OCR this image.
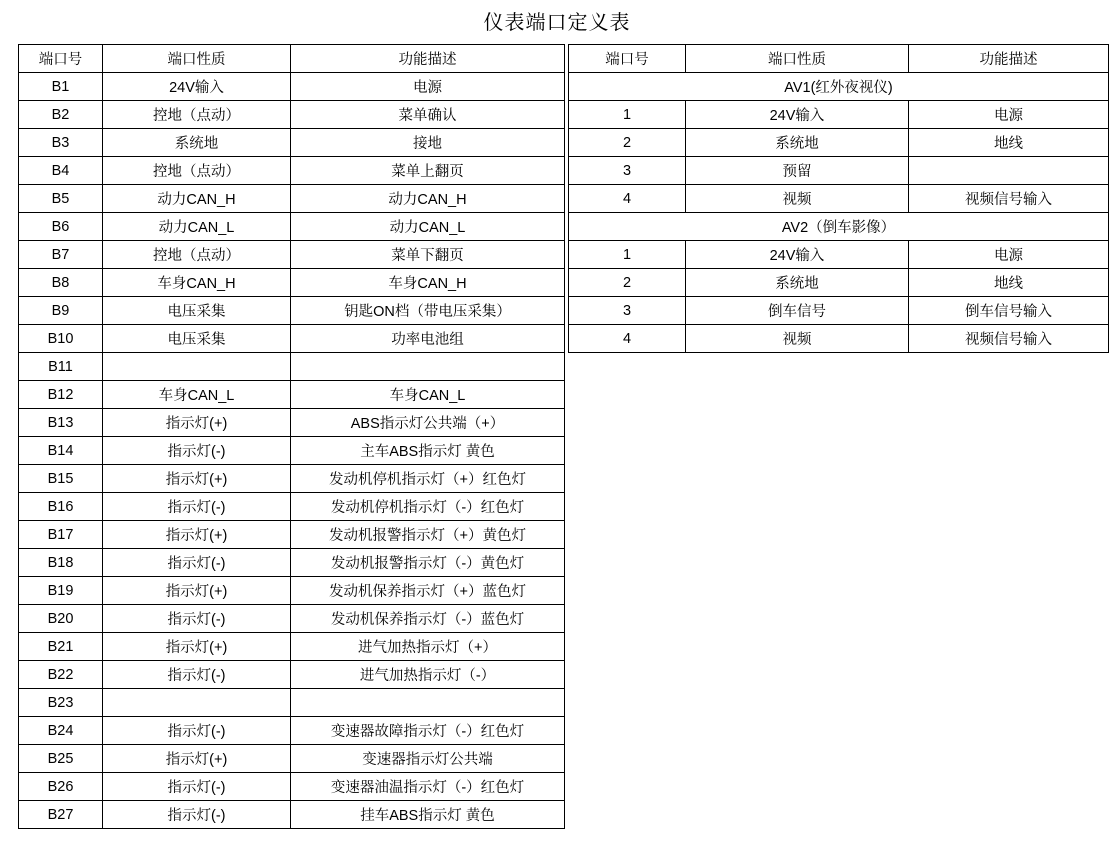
仪表端口定义表
端口号	端口性质	功能描述
B1	24V输入	电源
B2	控地（点动）	菜单确认
B3	系统地	接地
B4	控地（点动）	菜单上翻页
B5	动力CAN_H	动力CAN_H
B6	动力CAN_L	动力CAN_L
B7	控地（点动）	菜单下翻页
B8	车身CAN_H	车身CAN_H
B9	电压采集	钥匙ON档（带电压采集）
B10	电压采集	功率电池组
B11		
B12	车身CAN_L	车身CAN_L
B13	指示灯(+)	ABS指示灯公共端（+）
B14	指示灯(-)	主车ABS指示灯 黄色
B15	指示灯(+)	发动机停机指示灯（+）红色灯
B16	指示灯(-)	发动机停机指示灯（-）红色灯
B17	指示灯(+)	发动机报警指示灯（+）黄色灯
B18	指示灯(-)	发动机报警指示灯（-）黄色灯
B19	指示灯(+)	发动机保养指示灯（+）蓝色灯
B20	指示灯(-)	发动机保养指示灯（-）蓝色灯
B21	指示灯(+)	进气加热指示灯（+）
B22	指示灯(-)	进气加热指示灯（-）
B23		
B24	指示灯(-)	变速器故障指示灯（-）红色灯
B25	指示灯(+)	变速器指示灯公共端
B26	指示灯(-)	变速器油温指示灯（-）红色灯
B27	指示灯(-)	挂车ABS指示灯 黄色
端口号	端口性质	功能描述
AV1(红外夜视仪)		
1	24V输入	电源
2	系统地	地线
3	预留	
4	视频	视频信号输入
AV2（倒车影像）		
1	24V输入	电源
2	系统地	地线
3	倒车信号	倒车信号输入
4	视频	视频信号输入
